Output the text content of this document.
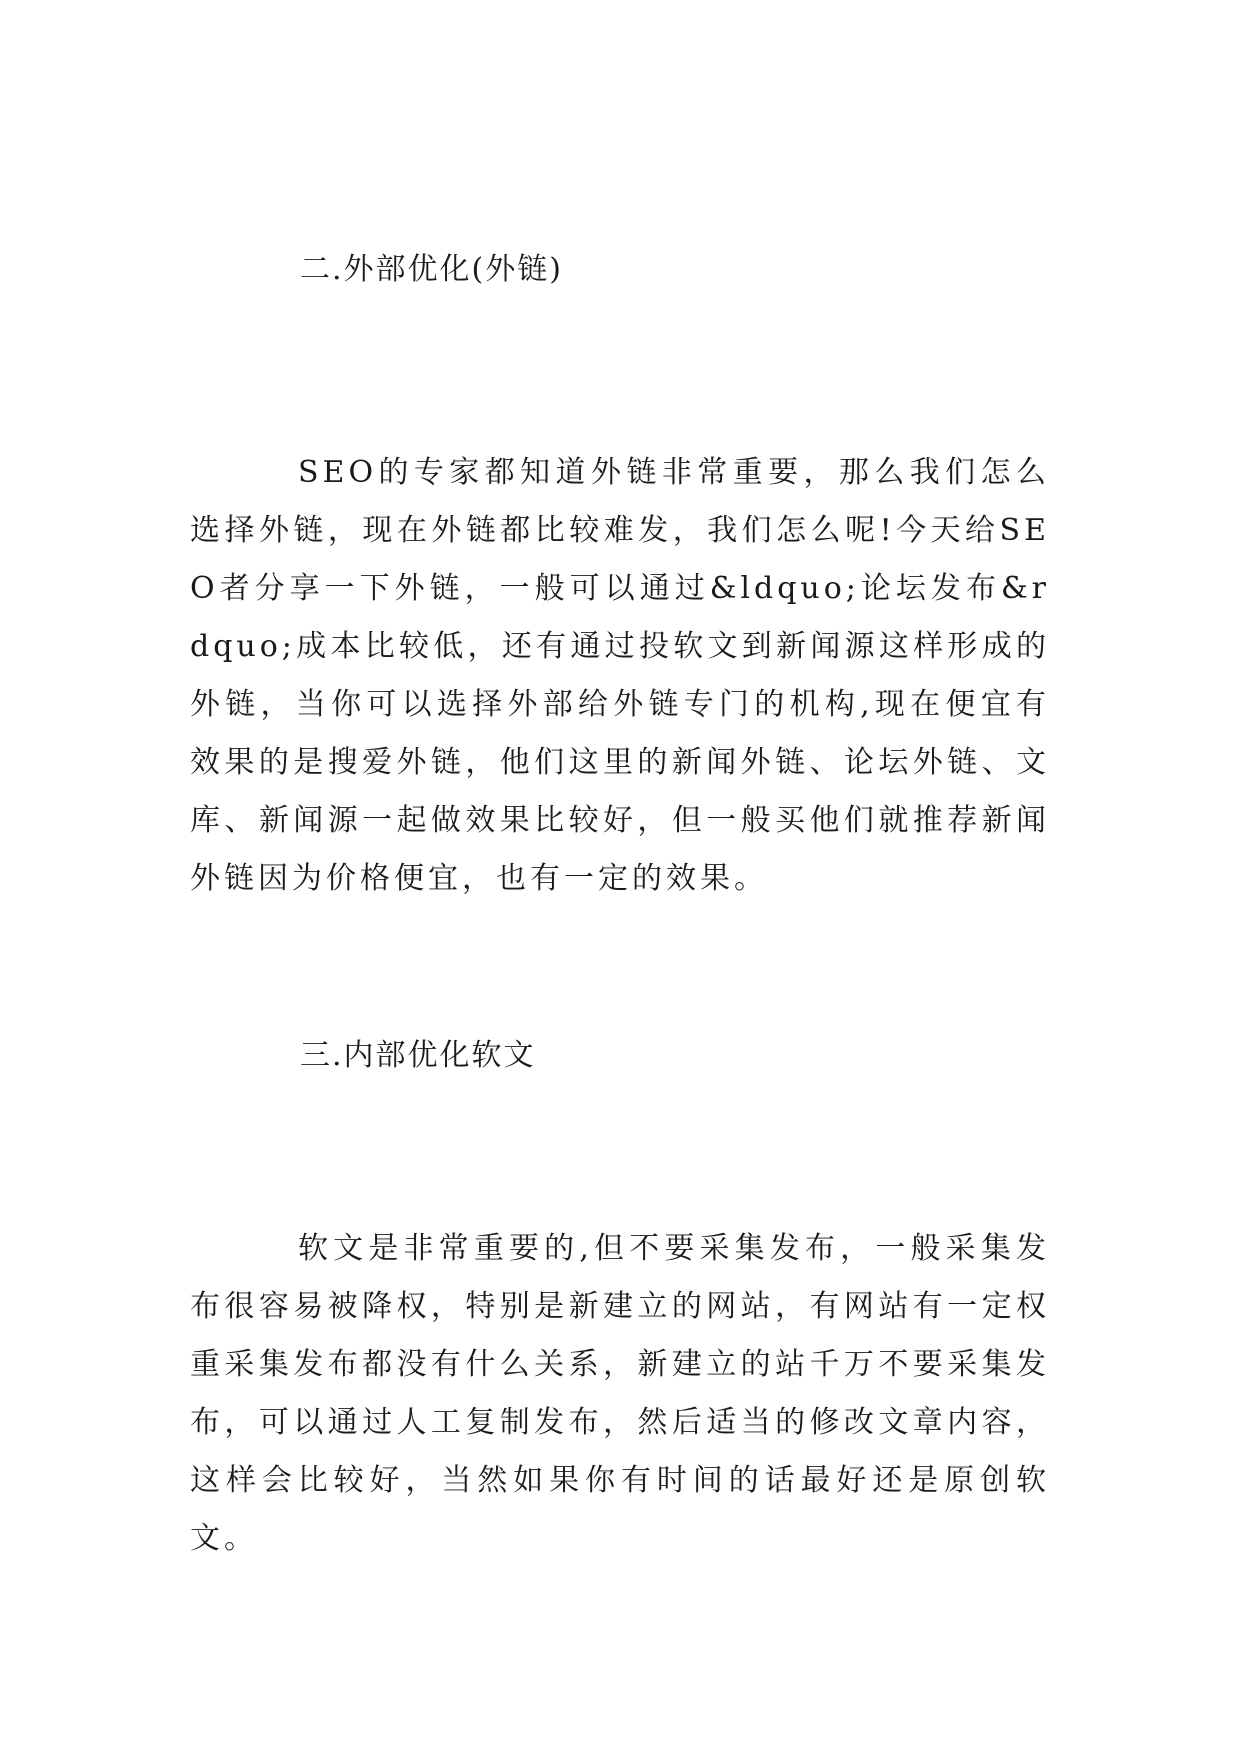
二.外部优化(外链)

SEO的专家都知道外链非常重要，那么我们怎么选择外链，现在外链都比较难发，我们怎么呢!今天给SEO者分享一下外链，一般可以通过&ldquo;论坛发布&rdquo;成本比较低，还有通过投软文到新闻源这样形成的外链，当你可以选择外部给外链专门的机构,现在便宜有效果的是搜爱外链，他们这里的新闻外链、论坛外链、文库、新闻源一起做效果比较好，但一般买他们就推荐新闻外链因为价格便宜，也有一定的效果。

三.内部优化软文

软文是非常重要的,但不要采集发布，一般采集发布很容易被降权，特别是新建立的网站，有网站有一定权重采集发布都没有什么关系，新建立的站千万不要采集发布，可以通过人工复制发布，然后适当的修改文章内容，这样会比较好，当然如果你有时间的话最好还是原创软文。
